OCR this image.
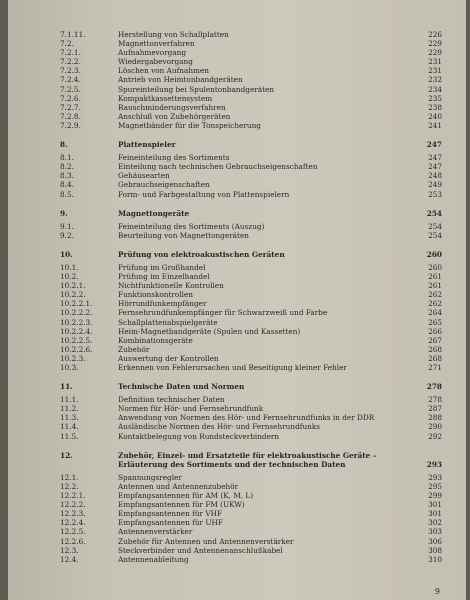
7.1.11.	Herstellung von Schallplatten	226
7.2.	Magnettonverfahren	229
7.2.1.	Aufnahmevorgang	229
7.2.2.	Wiedergabevorgang	231
7.2.3.	Löschen von Aufnahmen	231
7.2.4.	Antrieb von Heimtonbandgeräten	232
7.2.5.	Spureinteilung bei Spulentonbandgeräten	234
7.2.6.	Kompaktkassettensystem	235
7.2.7.	Rauschminderungsverfahren	238
7.2.8.	Anschluß von Zubehörgeräten	240
7.2.9.	Magnetbänder für die Tonspeicherung	241
8.	Plattenspieler	247
8.1.	Feineinteilung des Sortiments	247
8.2.	Einteilung nach technischen Gebrauchseigenschaften	247
8.3.	Gehäusearten	248
8.4.	Gebrauchseigenschaften	249
8.5.	Form- und Farbgestaltung von Plattenspielern	253
9.	Magnettongeräte	254
9.1.	Feineinteilung des Sortiments (Auszug)	254
9.2.	Beurteilung von Magnettongeräten	254
10.	Prüfung von elektroakustischen Geräten	260
10.1.	Prüfung im Großhandel	260
10.2.	Prüfung im Einzelhandel	261
10.2.1.	Nichtfunktionelle Kontrollen	261
10.2.2.	Funktionskontrollen	262
10.2.2.1.	Hörrundfunkempfänger	262
10.2.2.2.	Fernsehrundfunkempfänger für Schwarzweiß und Farbe	264
10.2.2.3.	Schallplattenabspielgeräte	265
10.2.2.4.	Heim-Magnetbandgeräte (Spulen und Kassetten)	266
10.2.2.5.	Kombinationsgeräte	267
10.2.2.6.	Zubehör	268
10.2.3.	Auswertung der Kontrollen	268
10.3.	Erkennen von Fehlerursachen und Beseitigung kleiner Fehler	271
11.	Technische Daten und Normen	278
11.1.	Definition technischer Daten	278
11.2.	Normen für Hör- und Fernsehrundfunk	287
11.3.	Anwendung von Normen des Hör- und Fernsehrundfunks in der DDR	288
11.4.	Ausländische Normen des Hör- und Fernsehrundfunks	290
11.5.	Kontaktbelegung von Rundsteckverbindern	292
12.	Zubehör, Einzel- und Ersatzteile für elektroakustische Geräte –
Erläuterung des Sortiments und der technischen Daten	293
12.1.	Spannungsregler	293
12.2.	Antennen und Antennenzubehör	295
12.2.1.	Empfangsantennen für AM (K, M, L)	299
12.2.2.	Empfangsantennen für FM (UKW)	301
12.2.3.	Empfangsantennen für VHF	301
12.2.4.	Empfangsantennen für UHF	302
12.2.5.	Antennenverstärker	303
12.2.6.	Zubehör für Antennen und Antennenverstärker	306
12.3.	Steckverbinder und Antennenanschlußkabel	308
12.4.	Antennenableitung	310
9
